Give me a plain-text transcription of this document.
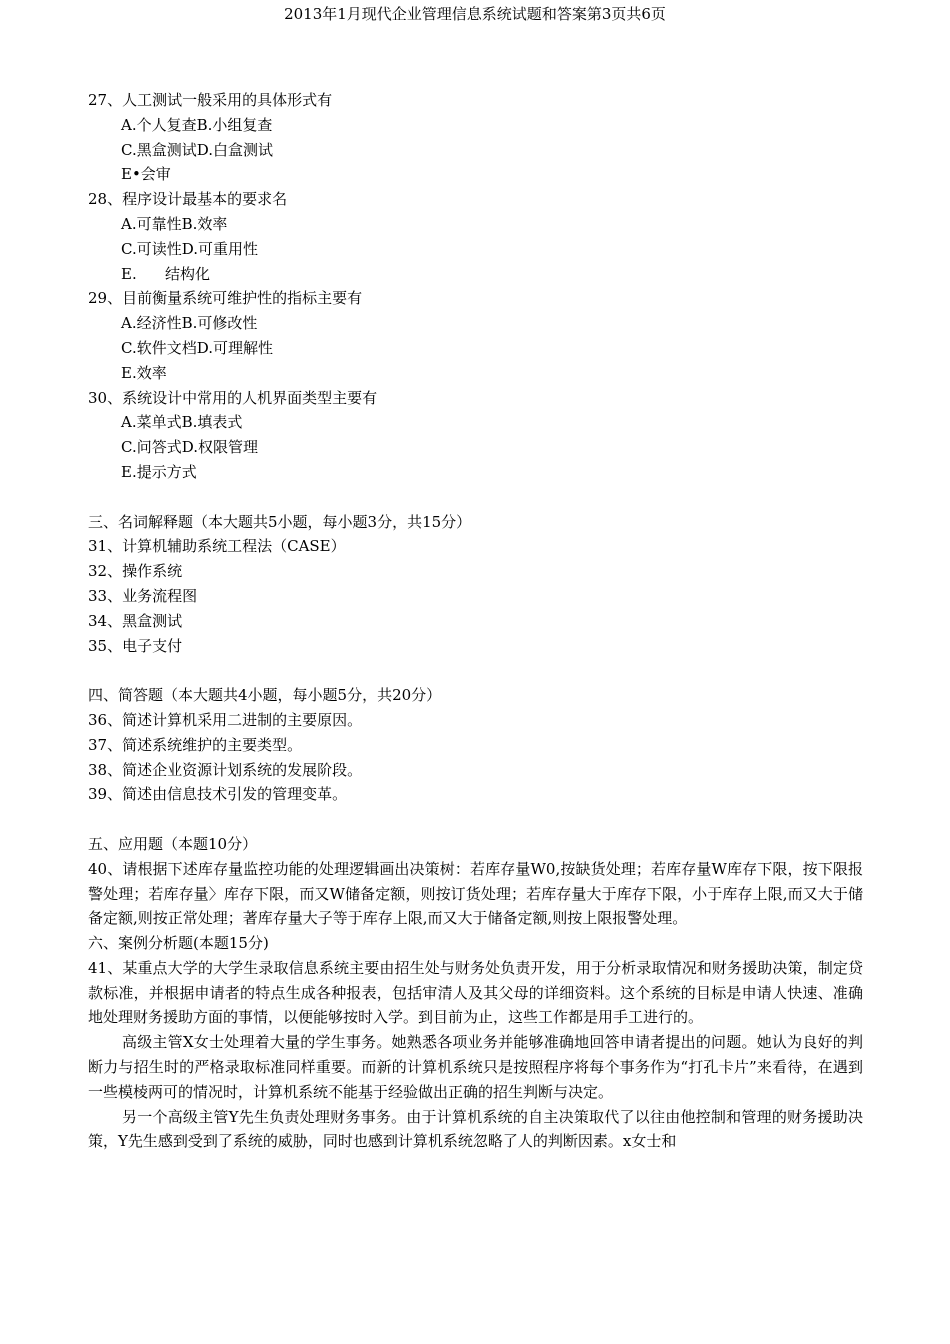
2013年1月现代企业管理信息系统试题和答案第3页共6页
27、人工测试一般采用的具体形式有
A.个人复查B.小组复查
C.黑盒测试D.白盒测试
E•会审
28、程序设计最基本的要求名
A.可靠性B.效率
C.可读性D.可重用性
E. 结构化
29、目前衡量系统可维护性的指标主要有
A.经济性B.可修改性
C.软件文档D.可理解性
E.效率
30、系统设计中常用的人机界面类型主要有
A.菜单式B.填表式
C.问答式D.权限管理
E.提示方式
三、名词解释题（本大题共5小题，每小题3分，共15分）
31、计算机辅助系统工程法（CASE）
32、操作系统
33、业务流程图
34、黑盒测试
35、电子支付
四、简答题（本大题共4小题，每小题5分，共20分）
36、简述计算机采用二进制的主要原因。
37、简述系统维护的主要类型。
38、简述企业资源计划系统的发展阶段。
39、简述由信息技术引发的管理变革。
五、应用题（本题10分）
40、请根据下述库存量监控功能的处理逻辑画出决策树：若库存量W0,按缺货处理；若库存量W库存下限，按下限报警处理；若库存量〉库存下限，而又W储备定额，则按订货处理；若库存量大于库存下限，小于库存上限,而又大于储备定额,则按正常处理；著库存量大子等于库存上限,而又大于储备定额,则按上限报警处理。
六、案例分析题(本题15分)
41、某重点大学的大学生录取信息系统主要由招生处与财务处负责开发，用于分析录取情况和财务援助决策，制定贷款标准，并根据申请者的特点生成各种报表，包括审清人及其父母的详细资料。这个系统的目标是申请人快速、准确地处理财务援助方面的事情，以便能够按时入学。到目前为止，这些工作都是用手工进行的。
高级主管X女士处理着大量的学生事务。她熟悉各项业务并能够准确地回答申请者提出的问题。她认为良好的判断力与招生时的严格录取标准同样重要。而新的计算机系统只是按照程序将每个事务作为“打孔卡片”来看待，在遇到一些模棱两可的情况时，计算机系统不能基于经验做出正确的招生判断与决定。
另一个高级主管Y先生负责处理财务事务。由于计算机系统的自主决策取代了以往由他控制和管理的财务援助决策，Y先生感到受到了系统的威胁，同时也感到计算机系统忽略了人的判断因素。x女士和
